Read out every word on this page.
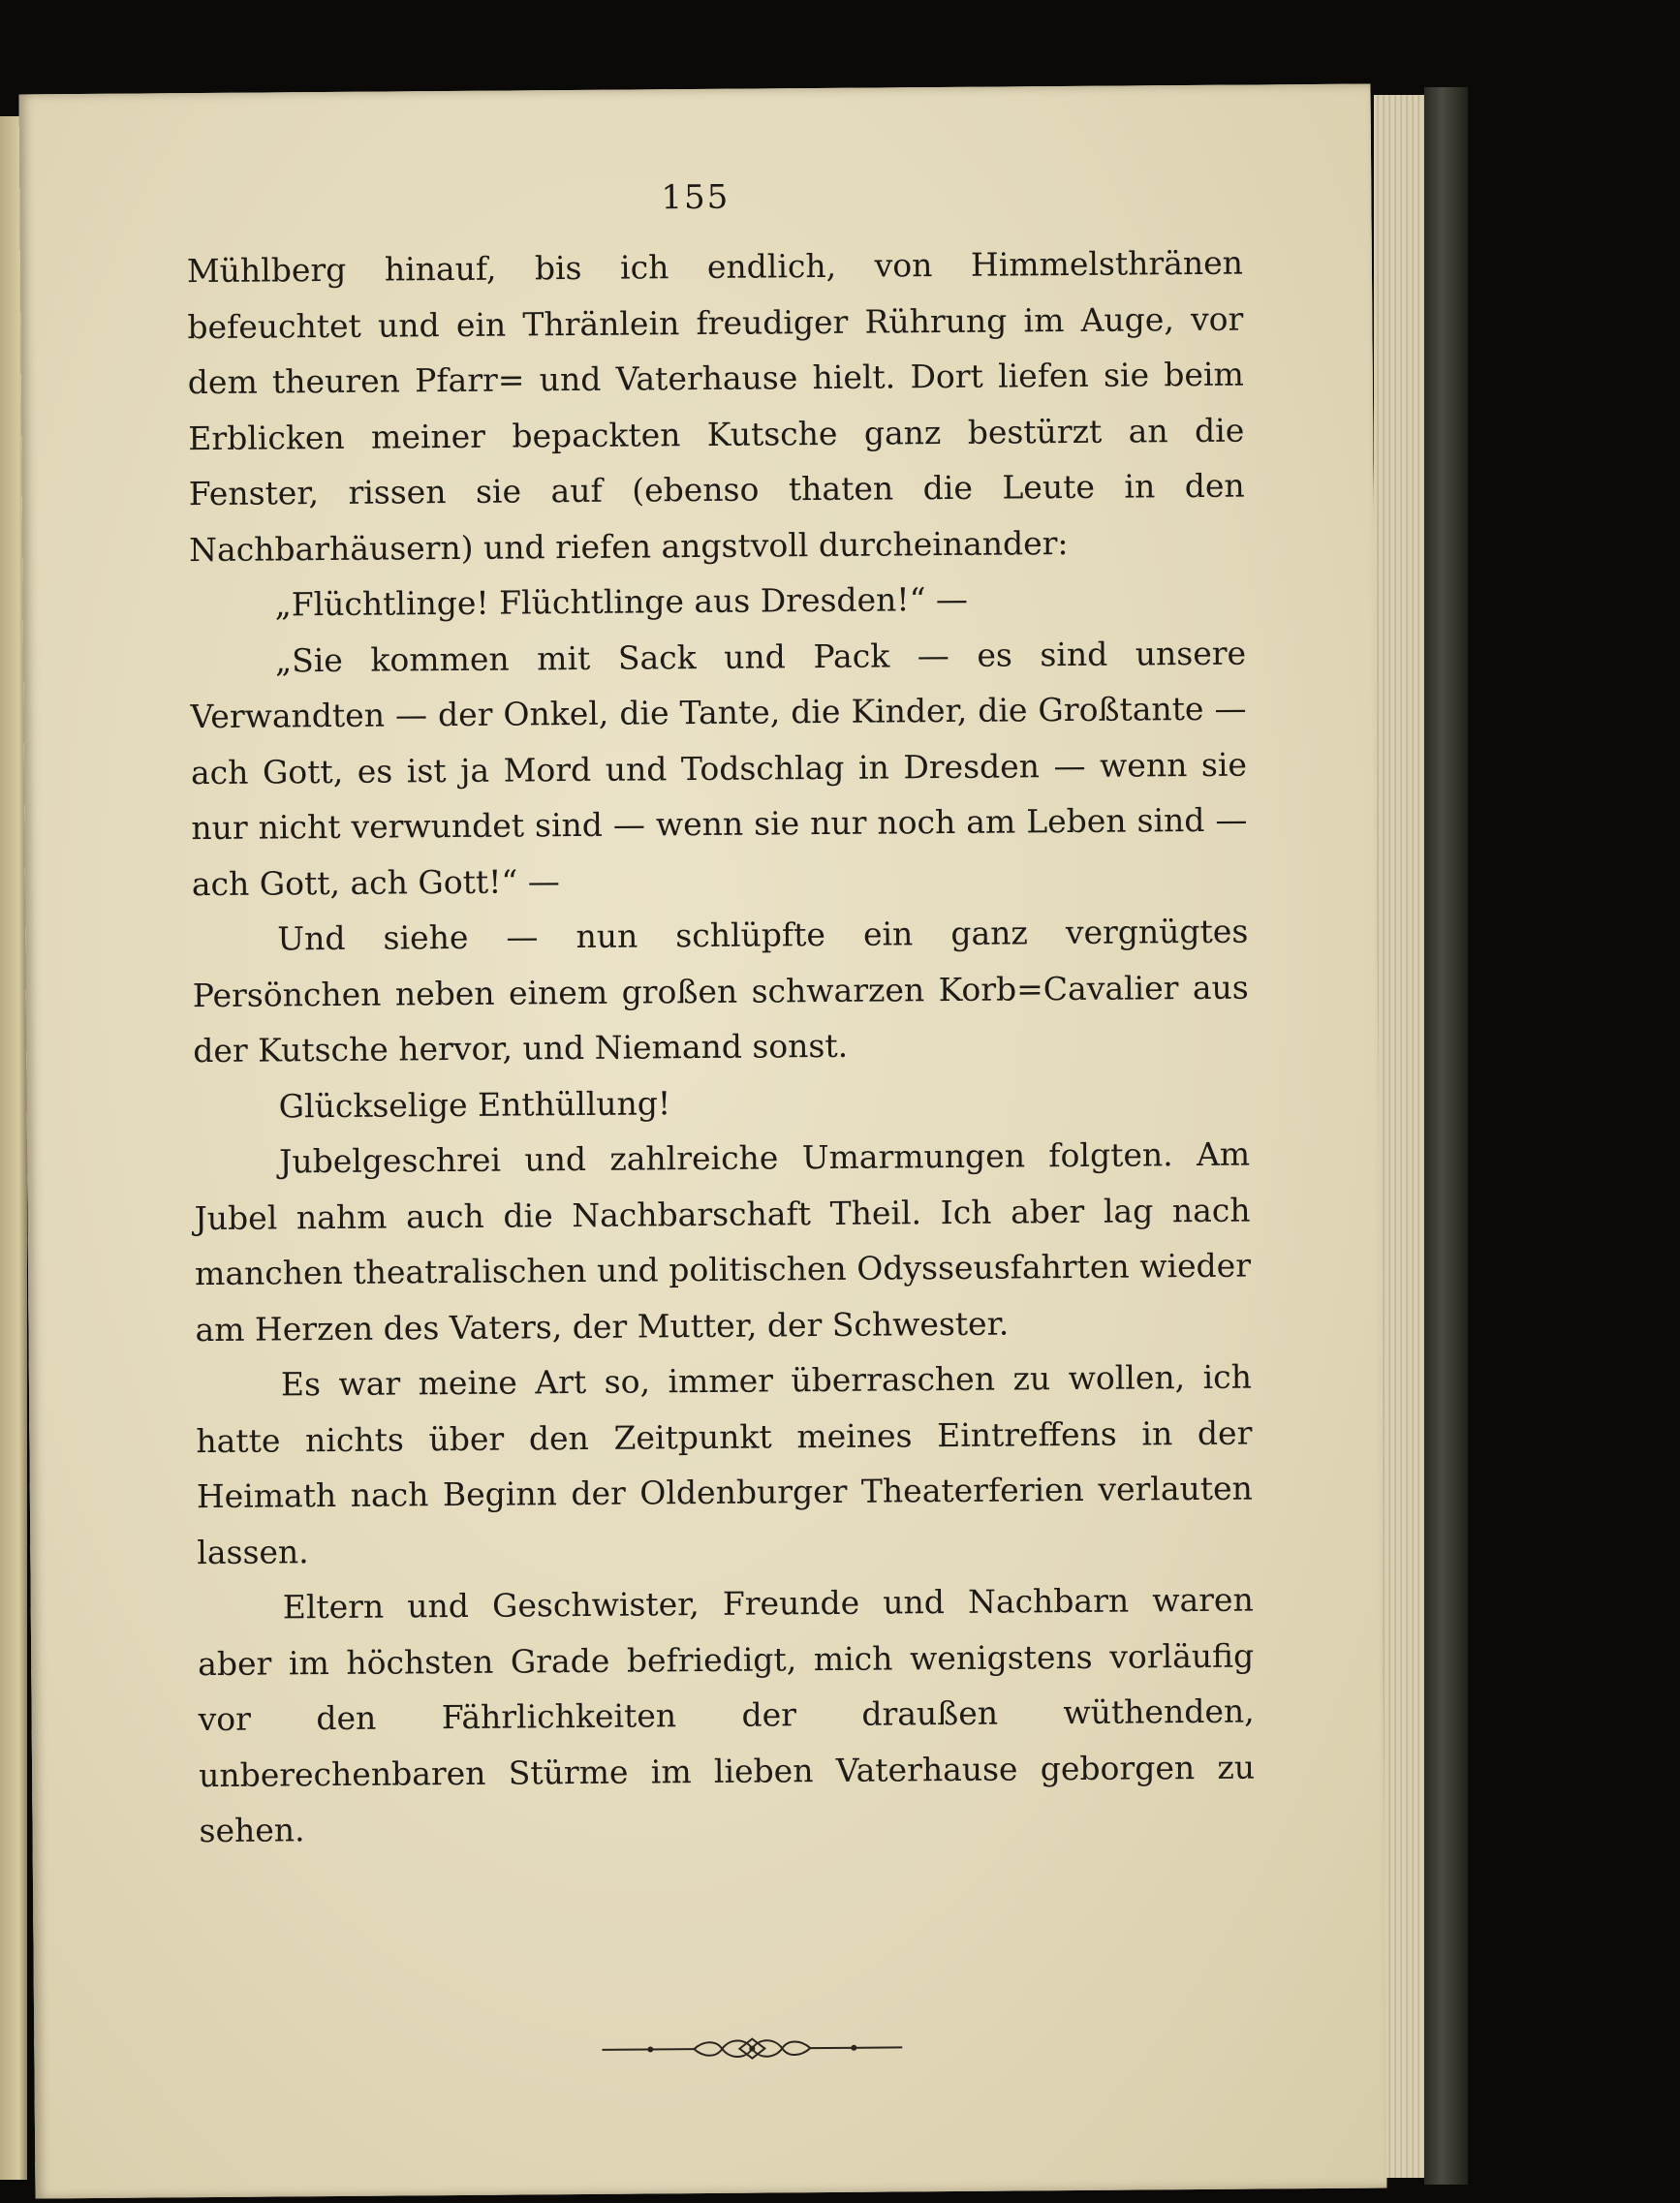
155

Mühlberg hinauf, bis ich endlich, von Himmelsthränen befeuchtet und ein Thränlein freudiger Rührung im Auge, vor dem theuren Pfarr= und Vaterhause hielt. Dort liefen sie beim Erblicken meiner bepackten Kutsche ganz bestürzt an die Fenster, rissen sie auf (ebenso thaten die Leute in den Nachbarhäusern) und riefen angstvoll durcheinander:

„Flüchtlinge! Flüchtlinge aus Dresden!“ —

„Sie kommen mit Sack und Pack — es sind unsere Verwandten — der Onkel, die Tante, die Kinder, die Großtante — ach Gott, es ist ja Mord und Todschlag in Dresden — wenn sie nur nicht verwundet sind — wenn sie nur noch am Leben sind — ach Gott, ach Gott!“ —

Und siehe — nun schlüpfte ein ganz vergnügtes Persönchen neben einem großen schwarzen Korb=Cavalier aus der Kutsche hervor, und Niemand sonst.

Glückselige Enthüllung!

Jubelgeschrei und zahlreiche Umarmungen folgten. Am Jubel nahm auch die Nachbarschaft Theil. Ich aber lag nach manchen theatralischen und politischen Odysseusfahrten wieder am Herzen des Vaters, der Mutter, der Schwester.

Es war meine Art so, immer überraschen zu wollen, ich hatte nichts über den Zeitpunkt meines Eintreffens in der Heimath nach Beginn der Oldenburger Theaterferien verlauten lassen.

Eltern und Geschwister, Freunde und Nachbarn waren aber im höchsten Grade befriedigt, mich wenigstens vorläufig vor den Fährlichkeiten der draußen wüthenden, unberechenbaren Stürme im lieben Vaterhause geborgen zu sehen.
